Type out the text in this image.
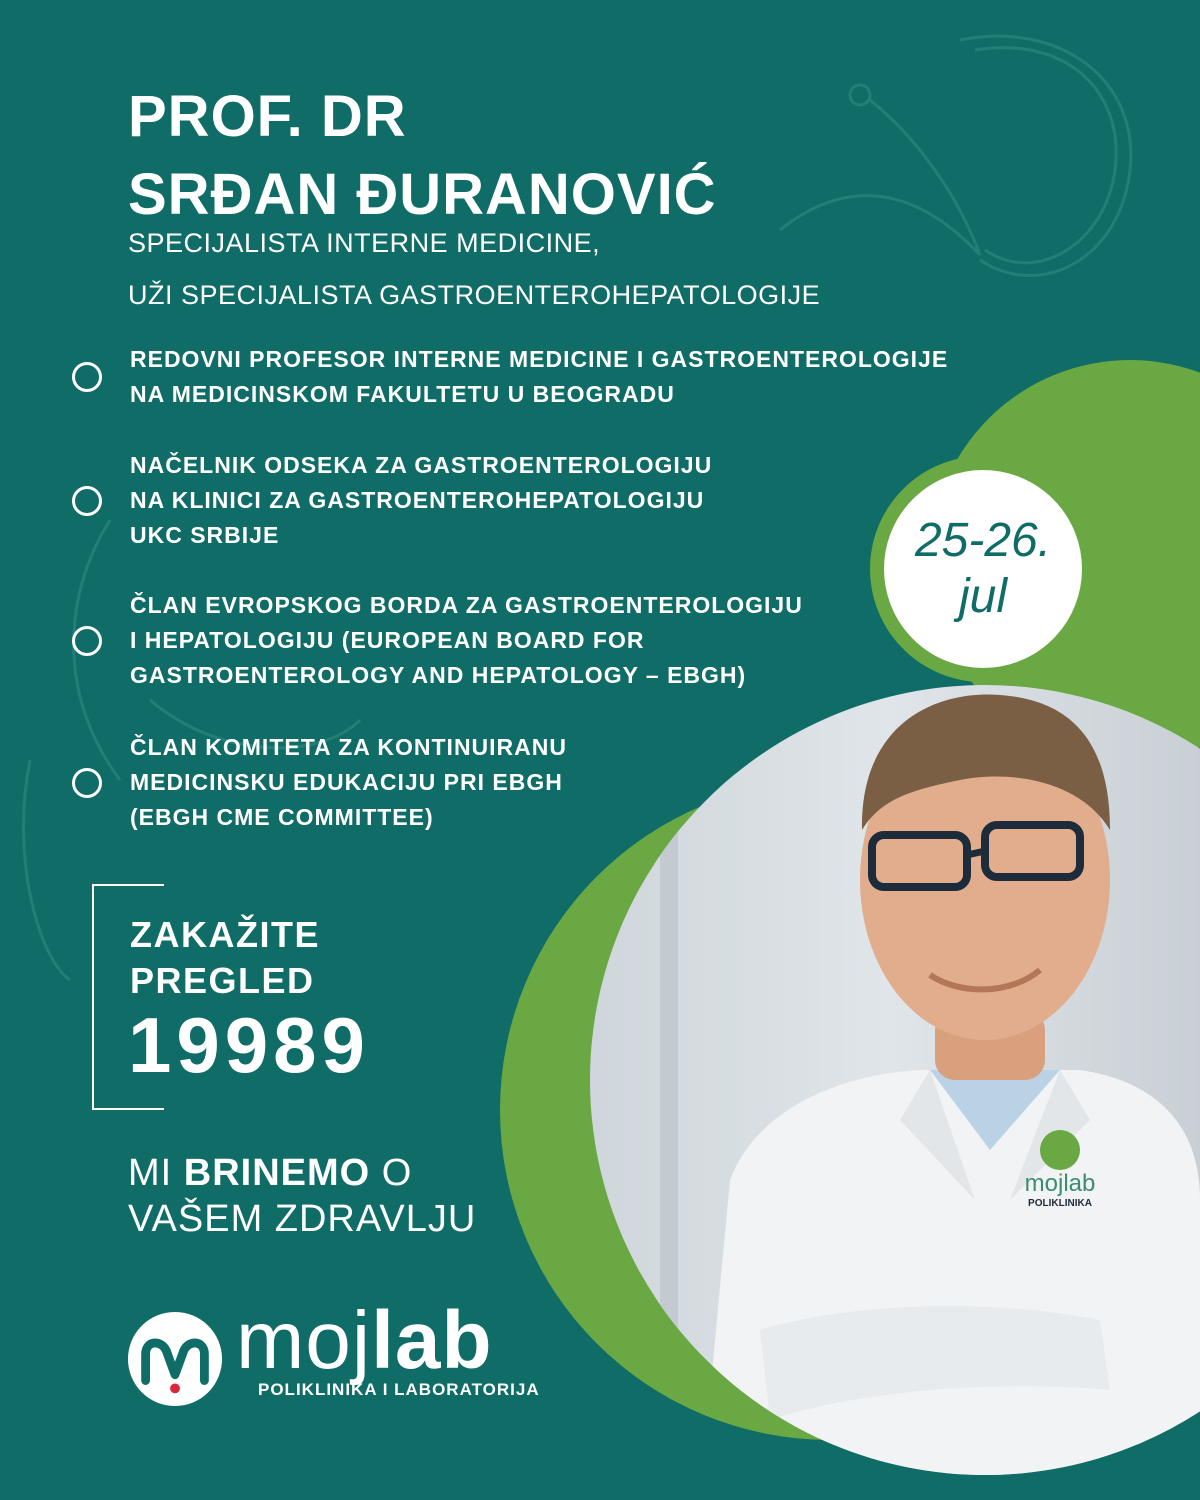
mojlab
POLIKLINIKA
PROF. DR
SRĐAN ĐURANOVIĆ

SPECIJALISTA INTERNE MEDICINE,

UŽI SPECIJALISTA GASTROENTEROHEPATOLOGIJE

REDOVNI PROFESOR INTERNE MEDICINE I GASTROENTEROLOGIJE
NA MEDICINSKOM FAKULTETU U BEOGRADU
NAČELNIK ODSEKA ZA GASTROENTEROLOGIJU
NA KLINICI ZA GASTROENTEROHEPATOLOGIJU
UKC SRBIJE
ČLAN EVROPSKOG BORDA ZA GASTROENTEROLOGIJU
I HEPATOLOGIJU (EUROPEAN BOARD FOR
GASTROENTEROLOGY AND HEPATOLOGY – EBGH)
ČLAN KOMITETA ZA KONTINUIRANU
MEDICINSKU EDUKACIJU PRI EBGH
(EBGH CME COMMITTEE)
25-26.
jul
ZAKAŽITE
PREGLED
19989
MI BRINEMO O
VAŠEM ZDRAVLJU
mojlab
POLIKLINIKA I LABORATORIJA
